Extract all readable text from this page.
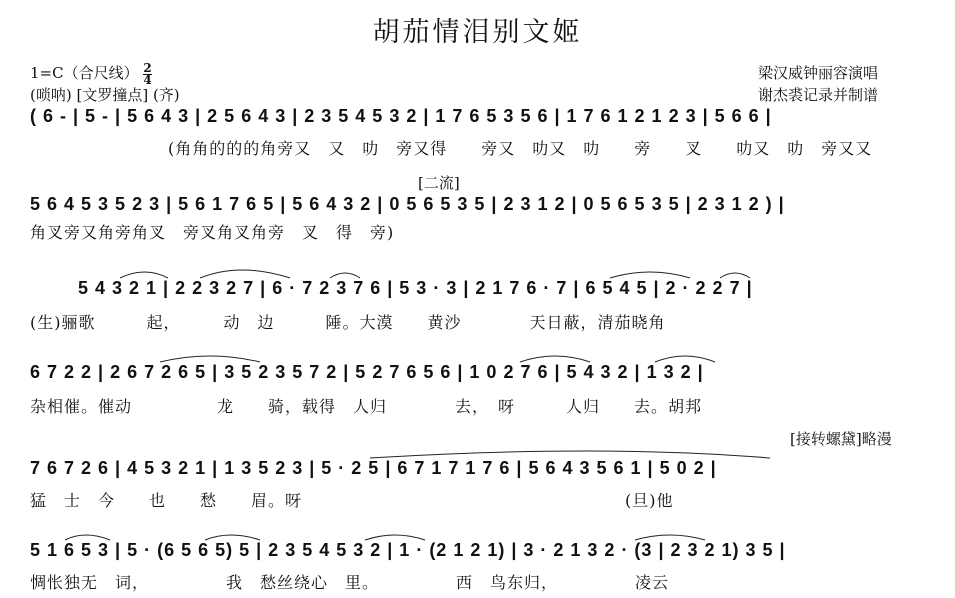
胡茄情泪别文姬
1=C（合尺线） $\frac{2}{4}$
(唢呐) [文罗撞点] (齐)
梁汉威钟丽容演唱
谢杰裘记录并制谱
( 6 - | 5 - | 5 6 4 3 | 2 5 6 4 3 | 2 3 5 4 5 3 2 | 1 7 6 5 3 5 6 | 1 7 6 1 2 1 2 3 | 5 6 6 |
(角角的的的角旁又　又　叻　旁又得　　旁又　叻又　叻　　旁　　叉　　叻又　叻　旁又又
[二流]
5 6 4 5 3 5 2 3 | 5 6 1 7 6 5 | 5 6 4 3 2 | 0 5 6 5 3 5 | 2 3 1 2 | 0 5 6 5 3 5 | 2 3 1 2 ) |
角叉旁又角旁角叉　旁叉角叉角旁　叉　得　旁)
5 4 3 2 1 | 2 2 3 2 7 | 6 · 7 2 3 7 6 | 5 3 · 3 | 2 1 7 6 · 7 | 6 5 4 5 | 2 · 2 2 7 |
(生)骊歌　　　起，　　　动　边　　　陲。大漠　　黄沙　　　　天日蔽，清茄晓角
6 7 2 2 | 2 6 7 2 6 5 | 3 5 2 3 5 7 2 | 5 2 7 6 5 6 | 1 0 2 7 6 | 5 4 3 2 | 1 3 2 |
杂相催。催动　　　　　龙　　骑，载得　人归　　　　去，　呀　　　人归　　去。胡邦
[接转螺黛]略漫
7 6 7 2 6 | 4 5 3 2 1 | 1 3 5 2 3 | 5 · 2 5 | 6 7 1 7 1 7 6 | 5 6 4 3 5 6 1 | 5 0 2 |
猛　士　今　　也　　愁　　眉。呀　　　　　　　　　　　　　　　　　　　(旦)他
5 1 6 5 3 | 5 · (6 5 6 5) 5 | 2 3 5 4 5 3 2 | 1 · (2 1 2 1) | 3 · 2 1 3 2 · (3 | 2 3 2 1) 3 5 |
惆怅独无　词，　　　　　我　愁丝绕心　里。　　　　　西　鸟东归，　　　　　凌云
